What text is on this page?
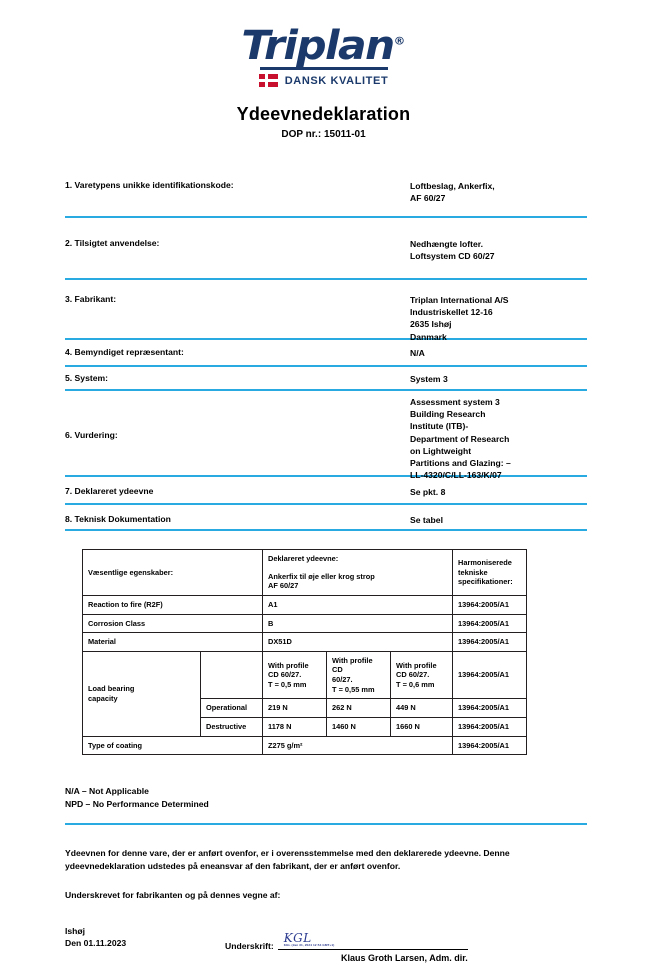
Triplan®
DANSK KVALITET
Ydeevnedeklaration
DOP nr.: 15011-01
1. Varetypens unikke identifikationskode:	Loftbeslag, Ankerfix,
AF 60/27
2. Tilsigtet anvendelse:	Nedhængte lofter.
Loftsystem CD 60/27
3. Fabrikant:	Triplan International A/S
Industriskellet 12-16
2635 Ishøj
Danmark
4. Bemyndiget repræsentant:	N/A
5. System:	System 3
6. Vurdering:
Assessment system 3
Building Research
Institute (ITB)-
Department of Research
on Lightweight
Partitions and Glazing: –
LL-4320/C/LL-163/K/07
7. Deklareret ydeevne	Se pkt. 8
8. Teknisk Dokumentation	Se tabel
Væsentlige egenskaber:		Deklareret ydeevne:			Harmoniserede
tekniske
specifikationer:
		Ankerfix til øje eller krog strop
AF 60/27			
Reaction to fire (R2F)		A1			13964:2005/A1
Corrosion Class		B			13964:2005/A1
Material		DX51D			13964:2005/A1
Load bearing
capacity		With profile
CD 60/27.
T = 0,5 mm	With profile CD
60/27.
T = 0,55 mm	With profile
CD 60/27.
T = 0,6 mm	13964:2005/A1
	Operational	219 N	262 N	449 N	13964:2005/A1
	Destructive	1178 N	1460 N	1660 N	13964:2005/A1
Type of coating		Z275 g/m²			13964:2005/A1
N/A – Not Applicable
NPD – No Performance Determined
Ydeevnen for denne vare, der er anført ovenfor, er i overensstemmelse med den deklarerede ydeevne. Denne ydeevnedeklaration udstedes på eneansvar af den fabrikant, der er anført ovenfor.
Underskrevet for fabrikanten og på dennes vegne af:
Ishøj
Den 01.11.2023	Underskrift:
KGL
KGL (Jan 31, 2024 12:54 GMT+1)
Klaus Groth Larsen, Adm. dir.
